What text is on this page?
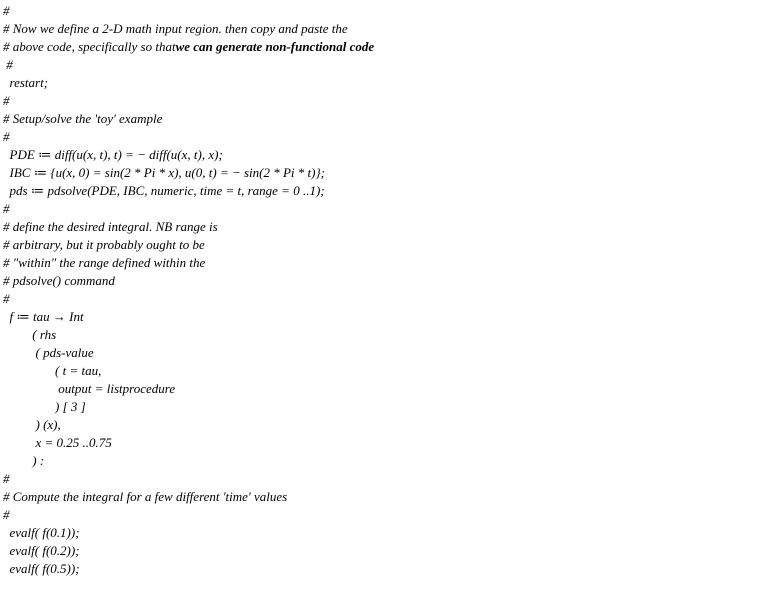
#
# Now we define a 2-D math input region. then copy and paste the
# above code, specifically so thatwe can generate non-functional code
#
restart;
#
# Setup/solve the 'toy' example
#
PDE ≔ diff(u(x, t), t) = − diff(u(x, t), x);
IBC ≔ {u(x, 0) = sin(2 * Pi * x), u(0, t) = − sin(2 * Pi * t)};
pds ≔ pdsolve(PDE, IBC, numeric, time = t, range = 0 ..1);
#
# define the desired integral. NB range is
# arbitrary, but it probably ought to be
# "within" the range defined within the
# pdsolve() command
#
f ≔ tau → Int
( rhs
( pds-value
( t = tau,
output = listprocedure
) [ 3 ]
) (x),
x = 0.25 ..0.75
) :
#
# Compute the integral for a few different 'time' values
#
evalf( f(0.1));
evalf( f(0.2));
evalf( f(0.5));
